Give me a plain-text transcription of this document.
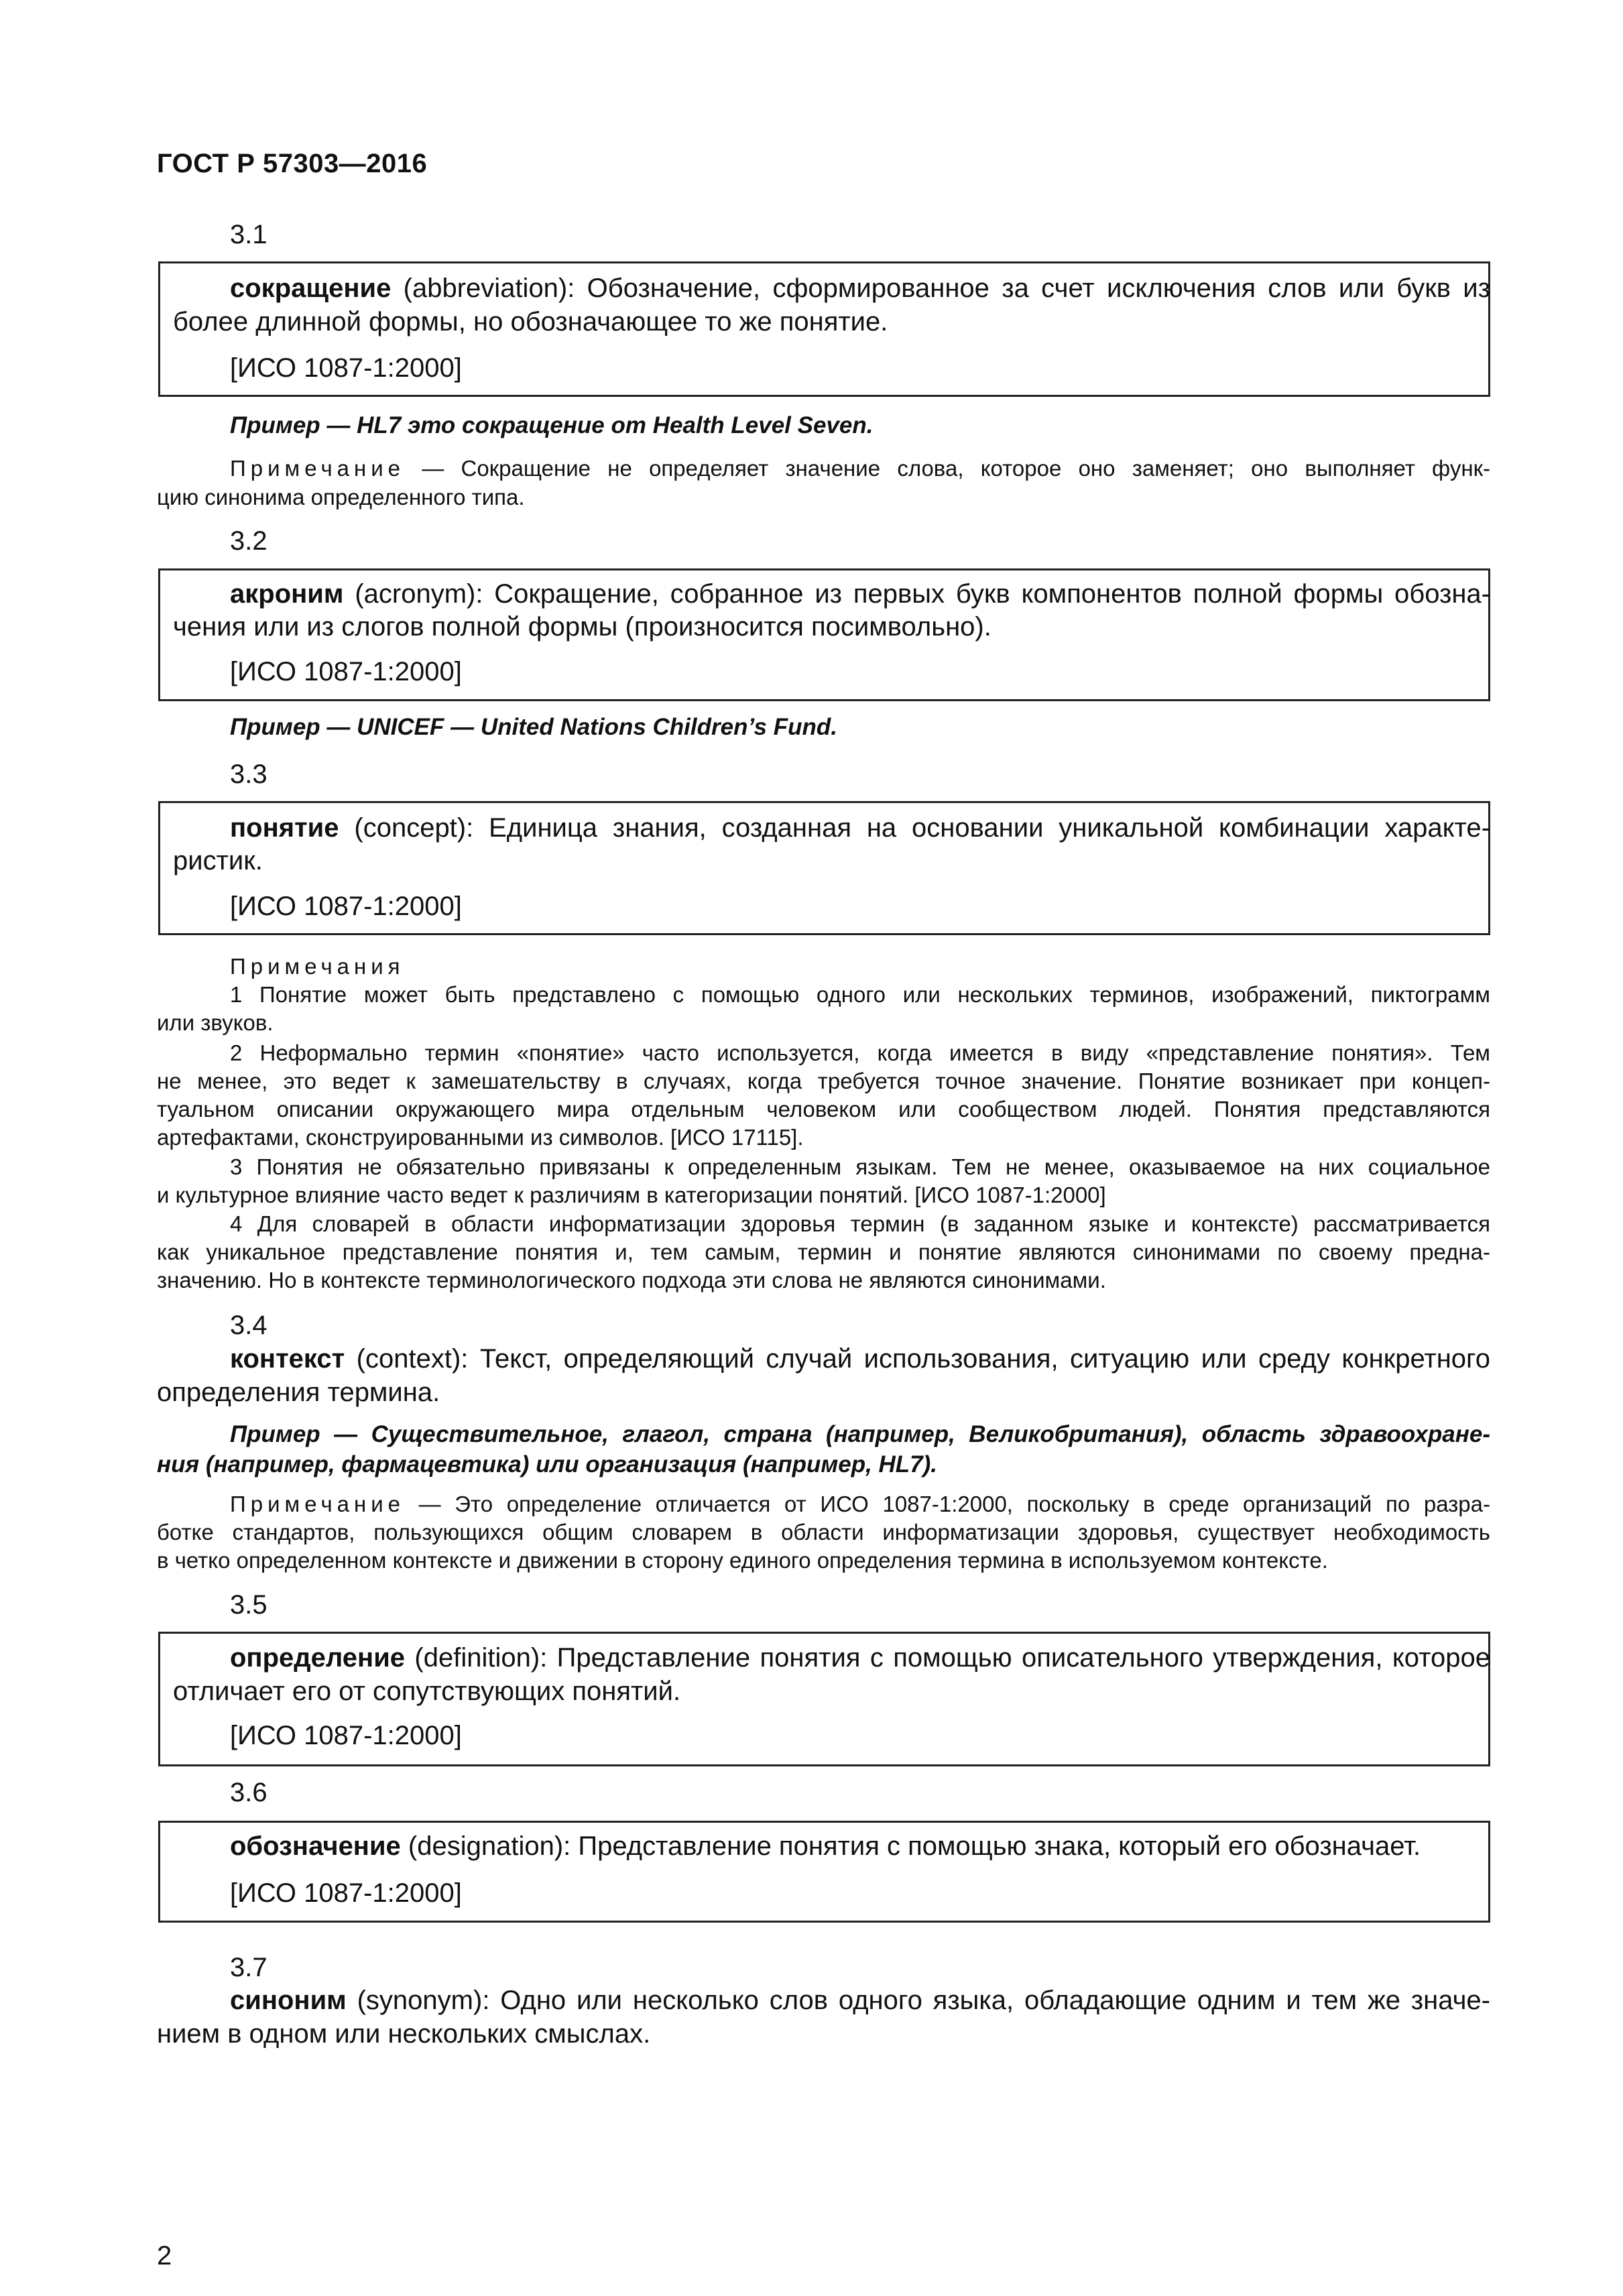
ГОСТ Р 57303—2016
3.1
сокращение (abbreviation): Обозначение, сформированное за счет исключения слов или букв из
более длинной формы, но обозначающее то же понятие.
[ИСО 1087-1:2000]
Пример — HL7 это сокращение от Health Level Seven.
Примечание — Сокращение не определяет значение слова, которое оно заменяет; оно выполняет функ-
цию синонима определенного типа.
3.2
акроним (acronym): Сокращение, собранное из первых букв компонентов полной формы обозна-
чения или из слогов полной формы (произносится посимвольно).
[ИСО 1087-1:2000]
Пример — UNICEF — United Nations Children’s Fund.
3.3
понятие (concept): Единица знания, созданная на основании уникальной комбинации характе-
ристик.
[ИСО 1087-1:2000]
Примечания
1 Понятие может быть представлено с помощью одного или нескольких терминов, изображений, пиктограмм
или звуков.
2 Неформально термин «понятие» часто используется, когда имеется в виду «представление понятия». Тем
не менее, это ведет к замешательству в случаях, когда требуется точное значение. Понятие возникает при концеп-
туальном описании окружающего мира отдельным человеком или сообществом людей. Понятия представляются
артефактами, сконструированными из символов. [ИСО 17115].
3 Понятия не обязательно привязаны к определенным языкам. Тем не менее, оказываемое на них социальное
и культурное влияние часто ведет к различиям в категоризации понятий. [ИСО 1087-1:2000]
4 Для словарей в области информатизации здоровья термин (в заданном языке и контексте) рассматривается
как уникальное представление понятия и, тем самым, термин и понятие являются синонимами по своему предна-
значению. Но в контексте терминологического подхода эти слова не являются синонимами.
3.4
контекст (context): Текст, определяющий случай использования, ситуацию или среду конкретного
определения термина.
Пример — Существительное, глагол, страна (например, Великобритания), область здравоохране-
ния (например, фармацевтика) или организация (например, HL7).
Примечание — Это определение отличается от ИСО 1087-1:2000, поскольку в среде организаций по разра-
ботке стандартов, пользующихся общим словарем в области информатизации здоровья, существует необходимость
в четко определенном контексте и движении в сторону единого определения термина в используемом контексте.
3.5
определение (definition): Представление понятия с помощью описательного утверждения, которое
отличает его от сопутствующих понятий.
[ИСО 1087-1:2000]
3.6
обозначение (designation): Представление понятия с помощью знака, который его обозначает.
[ИСО 1087-1:2000]
3.7
синоним (synonym): Одно или несколько слов одного языка, обладающие одним и тем же значе-
нием в одном или нескольких смыслах.
2
